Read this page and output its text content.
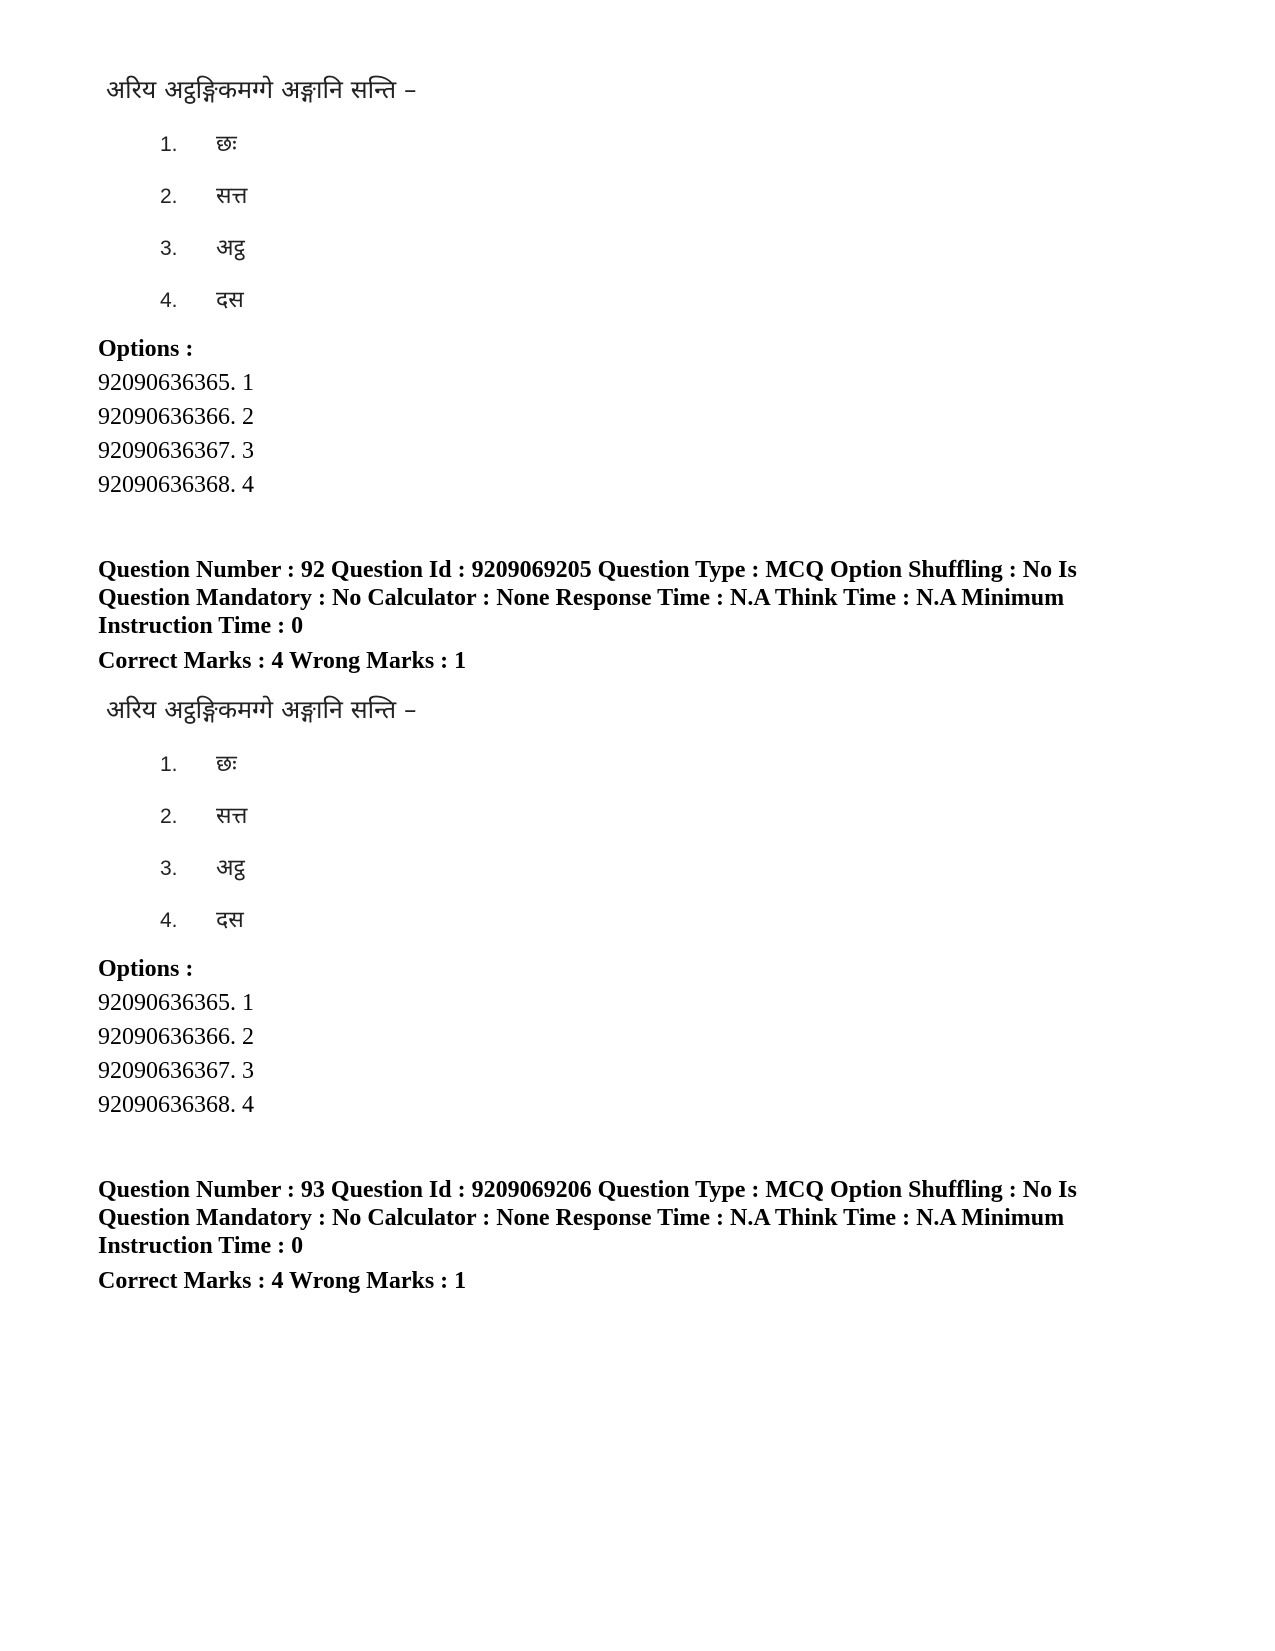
अरिय अट्ठङ्गिकमग्गे अङ्गानि सन्ति –
1. छः
2. सत्त
3. अट्ठ
4. दस
Options :
92090636365. 1
92090636366. 2
92090636367. 3
92090636368. 4
Question Number : 92 Question Id : 9209069205 Question Type : MCQ Option Shuffling : No Is
Question Mandatory : No Calculator : None Response Time : N.A Think Time : N.A Minimum
Instruction Time : 0
Correct Marks : 4 Wrong Marks : 1
अरिय अट्ठङ्गिकमग्गे अङ्गानि सन्ति –
1. छः
2. सत्त
3. अट्ठ
4. दस
Options :
92090636365. 1
92090636366. 2
92090636367. 3
92090636368. 4
Question Number : 93 Question Id : 9209069206 Question Type : MCQ Option Shuffling : No Is
Question Mandatory : No Calculator : None Response Time : N.A Think Time : N.A Minimum
Instruction Time : 0
Correct Marks : 4 Wrong Marks : 1
